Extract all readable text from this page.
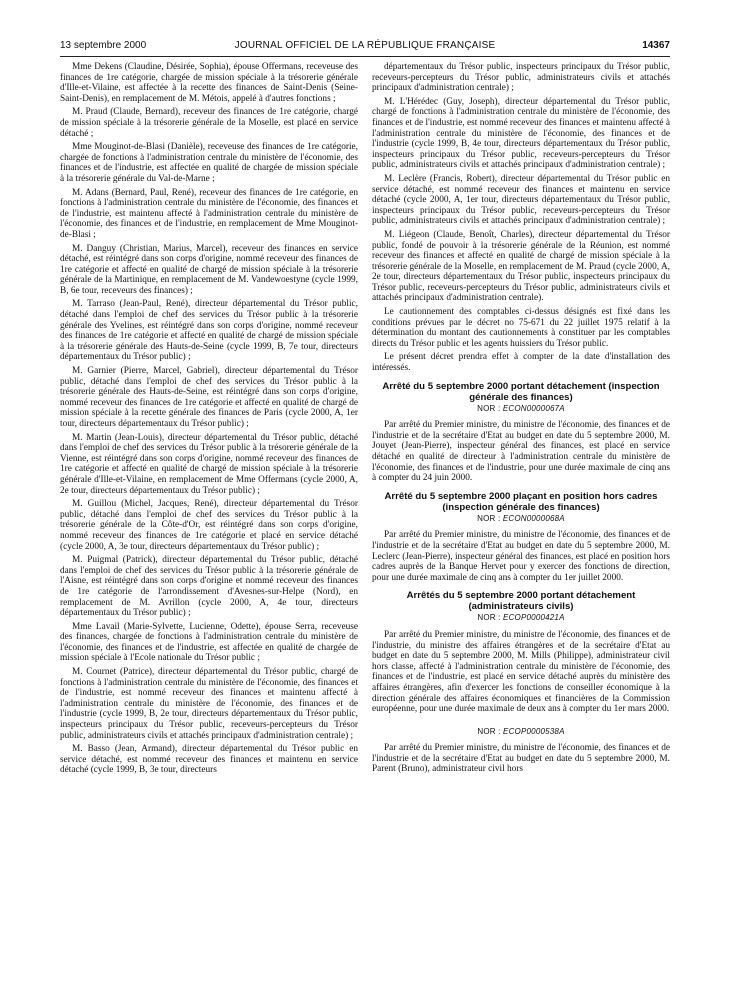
13 septembre 2000	JOURNAL OFFICIEL DE LA RÉPUBLIQUE FRANÇAISE	14367

Mme Dekens (Claudine, Désirée, Sophia), épouse Offermans, receveuse des finances de 1re catégorie, chargée de mission spéciale à la trésorerie générale d'Ille-et-Vilaine, est affectée à la recette des finances de Saint-Denis (Seine-Saint-Denis), en remplacement de M. Métois, appelé à d'autres fonctions ;

M. Praud (Claude, Bernard), receveur des finances de 1re catégorie, chargé de mission spéciale à la trésorerie générale de la Moselle, est placé en service détaché ;

Mme Mouginot-de-Blasi (Danièle), receveuse des finances de 1re catégorie, chargée de fonctions à l'administration centrale du ministère de l'économie, des finances et de l'industrie, est affectée en qualité de chargée de mission spéciale à la trésorerie générale du Val-de-Marne ;

M. Adans (Bernard, Paul, René), receveur des finances de 1re catégorie, en fonctions à l'administration centrale du ministère de l'économie, des finances et de l'industrie, est maintenu affecté à l'administration centrale du ministère de l'économie, des finances et de l'industrie, en remplacement de Mme Mouginot-de-Blasi ;

M. Danguy (Christian, Marius, Marcel), receveur des finances en service détaché, est réintégré dans son corps d'origine, nommé receveur des finances de 1re catégorie et affecté en qualité de chargé de mission spéciale à la trésorerie générale de la Martinique, en remplacement de M. Vandewoestyne (cycle 1999, B, 6e tour, receveurs des finances) ;

M. Tarraso (Jean-Paul, René), directeur départemental du Trésor public, détaché dans l'emploi de chef des services du Trésor public à la trésorerie générale des Yvelines, est réintégré dans son corps d'origine, nommé receveur des finances de 1re catégorie et affecté en qualité de chargé de mission spéciale à la trésorerie générale des Hauts-de-Seine (cycle 1999, B, 7e tour, directeurs départementaux du Trésor public) ;

M. Garnier (Pierre, Marcel, Gabriel), directeur départemental du Trésor public, détaché dans l'emploi de chef des services du Trésor public à la trésorerie générale des Hauts-de-Seine, est réintégré dans son corps d'origine, nommé receveur des finances de 1re catégorie et affecté en qualité de chargé de mission spéciale à la recette générale des finances de Paris (cycle 2000, A, 1er tour, directeurs départementaux du Trésor public) ;

M. Martin (Jean-Louis), directeur départemental du Trésor public, détaché dans l'emploi de chef des services du Trésor public à la trésorerie générale de la Vienne, est réintégré dans son corps d'origine, nommé receveur des finances de 1re catégorie et affecté en qualité de chargé de mission spéciale à la trésorerie générale d'Ille-et-Vilaine, en remplacement de Mme Offermans (cycle 2000, A, 2e tour, directeurs départementaux du Trésor public) ;

M. Guillou (Michel, Jacques, René), directeur départemental du Trésor public, détaché dans l'emploi de chef des services du Trésor public à la trésorerie générale de la Côte-d'Or, est réintégré dans son corps d'origine, nommé receveur des finances de 1re catégorie et placé en service détaché (cycle 2000, A, 3e tour, directeurs départementaux du Trésor public) ;

M. Puigmal (Patrick), directeur départemental du Trésor public, détaché dans l'emploi de chef des services du Trésor public à la trésorerie générale de l'Aisne, est réintégré dans son corps d'origine et nommé receveur des finances de 1re catégorie de l'arrondissement d'Avesnes-sur-Helpe (Nord), en remplacement de M. Avrillon (cycle 2000, A, 4e tour, directeurs départementaux du Trésor public) ;

Mme Lavail (Marie-Sylvette, Lucienne, Odette), épouse Serra, receveuse des finances, chargée de fonctions à l'administration centrale du ministère de l'économie, des finances et de l'industrie, est affectée en qualité de chargée de mission spéciale à l'Ecole nationale du Trésor public ;

M. Cournet (Patrice), directeur départemental du Trésor public, chargé de fonctions à l'administration centrale du ministère de l'économie, des finances et de l'industrie, est nommé receveur des finances et maintenu affecté à l'administration centrale du ministère de l'économie, des finances et de l'industrie (cycle 1999, B, 2e tour, directeurs départementaux du Trésor public, inspecteurs principaux du Trésor public, receveurs-percepteurs du Trésor public, administrateurs civils et attachés principaux d'administration centrale) ;

M. Basso (Jean, Armand), directeur départemental du Trésor public en service détaché, est nommé receveur des finances et maintenu en service détaché (cycle 1999, B, 3e tour, directeurs

départementaux du Trésor public, inspecteurs principaux du Trésor public, receveurs-percepteurs du Trésor public, administrateurs civils et attachés principaux d'administration centrale) ;

M. L'Hérédec (Guy, Joseph), directeur départemental du Trésor public, chargé de fonctions à l'administration centrale du ministère de l'économie, des finances et de l'industrie, est nommé receveur des finances et maintenu affecté à l'administration centrale du ministère de l'économie, des finances et de l'industrie (cycle 1999, B, 4e tour, directeurs départementaux du Trésor public, inspecteurs principaux du Trésor public, receveurs-percepteurs du Trésor public, administrateurs civils et attachés principaux d'administration centrale) ;

M. Leclère (Francis, Robert), directeur départemental du Trésor public en service détaché, est nommé receveur des finances et maintenu en service détaché (cycle 2000, A, 1er tour, directeurs départementaux du Trésor public, inspecteurs principaux du Trésor public, receveurs-percepteurs du Trésor public, administrateurs civils et attachés principaux d'administration centrale) ;

M. Liégeon (Claude, Benoît, Charles), directeur départemental du Trésor public, fondé de pouvoir à la trésorerie générale de la Réunion, est nommé receveur des finances et affecté en qualité de chargé de mission spéciale à la trésorerie générale de la Moselle, en remplacement de M. Praud (cycle 2000, A, 2e tour, directeurs départementaux du Trésor public, inspecteurs principaux du Trésor public, receveurs-percepteurs du Trésor public, administrateurs civils et attachés principaux d'administration centrale).

Le cautionnement des comptables ci-dessus désignés est fixé dans les conditions prévues par le décret no 75-671 du 22 juillet 1975 relatif à la détermination du montant des cautionnements à constituer par les comptables directs du Trésor public et les agents huissiers du Trésor public.

Le présent décret prendra effet à compter de la date d'installation des intéressés.

Arrêté du 5 septembre 2000 portant détachement (inspection générale des finances)
NOR : ECON0000067A

Par arrêté du Premier ministre, du ministre de l'économie, des finances et de l'industrie et de la secrétaire d'Etat au budget en date du 5 septembre 2000, M. Jouyet (Jean-Pierre), inspecteur général des finances, est placé en service détaché en qualité de directeur à l'administration centrale du ministère de l'économie, des finances et de l'industrie, pour une durée maximale de cinq ans à compter du 24 juin 2000.

Arrêté du 5 septembre 2000 plaçant en position hors cadres (inspection générale des finances)
NOR : ECON0000068A

Par arrêté du Premier ministre, du ministre de l'économie, des finances et de l'industrie et de la secrétaire d'Etat au budget en date du 5 septembre 2000, M. Leclerc (Jean-Pierre), inspecteur général des finances, est placé en position hors cadres auprès de la Banque Hervet pour y exercer des fonctions de direction, pour une durée maximale de cinq ans à compter du 1er juillet 2000.

Arrêtés du 5 septembre 2000 portant détachement (administrateurs civils)
NOR : ECOP0000421A

Par arrêté du Premier ministre, du ministre de l'économie, des finances et de l'industrie, du ministre des affaires étrangères et de la secrétaire d'Etat au budget en date du 5 septembre 2000, M. Mills (Philippe), administrateur civil hors classe, affecté à l'administration centrale du ministère de l'économie, des finances et de l'industrie, est placé en service détaché auprès du ministère des affaires étrangères, afin d'exercer les fonctions de conseiller économique à la direction générale des affaires économiques et financières de la Commission européenne, pour une durée maximale de deux ans à compter du 1er mars 2000.

NOR : ECOP0000538A

Par arrêté du Premier ministre, du ministre de l'économie, des finances et de l'industrie et de la secrétaire d'Etat au budget en date du 5 septembre 2000, M. Parent (Bruno), administrateur civil hors
